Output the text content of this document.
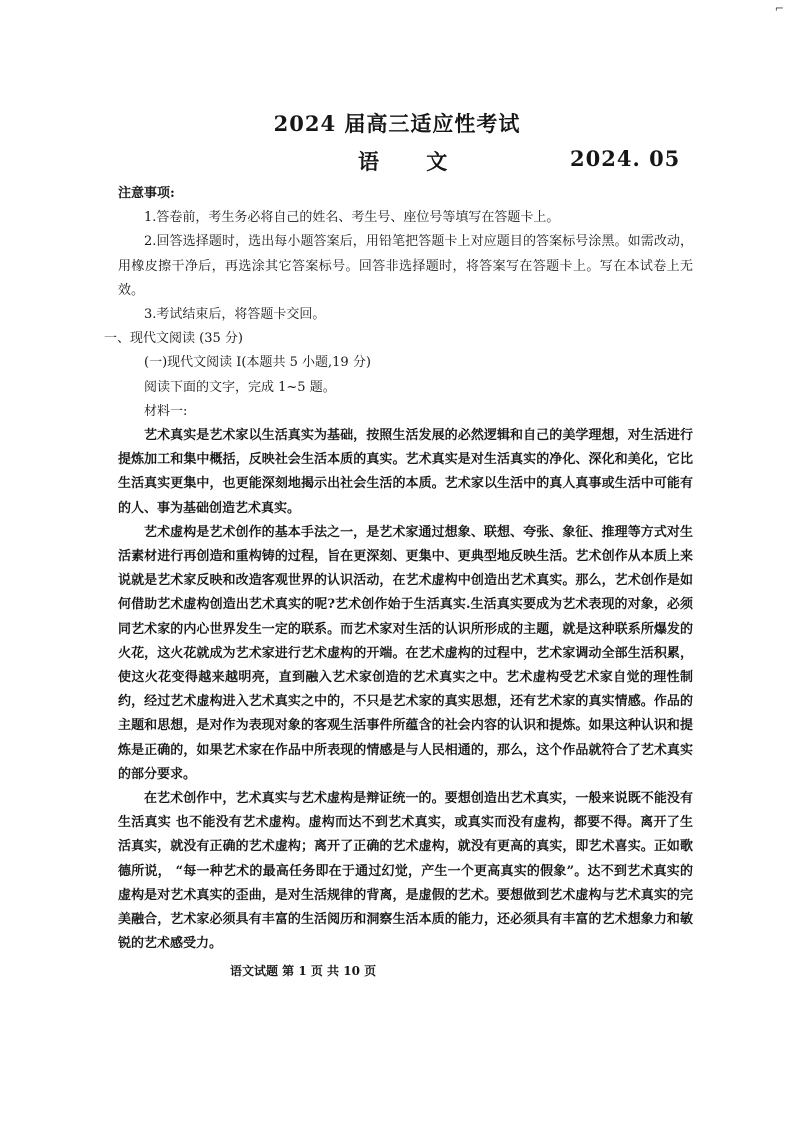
⌐
2024 届高三适应性考试
语 文	2024. 05

注意事项:

1.答卷前，考生务必将自己的姓名、考生号、座位号等填写在答题卡上。

2.回答选择题时，选出每小题答案后，用铅笔把答题卡上对应题目的答案标号涂黑。如需改动，用橡皮擦干净后，再选涂其它答案标号。回答非选择题时，将答案写在答题卡上。写在本试卷上无效。

3.考试结束后，将答题卡交回。

一、现代文阅读 (35 分)

(一)现代文阅读 I(本题共 5 小题,19 分)

阅读下面的文字，完成 1~5 题。

材料一:

艺术真实是艺术家以生活真实为基础，按照生活发展的必然逻辑和自己的美学理想，对生活进行提炼加工和集中概括，反映社会生活本质的真实。艺术真实是对生活真实的净化、深化和美化，它比生活真实更集中，也更能深刻地揭示出社会生活的本质。艺术家以生活中的真人真事或生活中可能有的人、事为基础创造艺术真实。

艺术虚构是艺术创作的基本手法之一，是艺术家通过想象、联想、夸张、象征、推理等方式对生活素材进行再创造和重构铸的过程，旨在更深刻、更集中、更典型地反映生活。艺术创作从本质上来说就是艺术家反映和改造客观世界的认识活动，在艺术虚构中创造出艺术真实。那么，艺术创作是如何借助艺术虚构创造出艺术真实的呢?艺术创作始于生活真实.生活真实要成为艺术表现的对象，必须同艺术家的内心世界发生一定的联系。而艺术家对生活的认识所形成的主题，就是这种联系所爆发的火花，这火花就成为艺术家进行艺术虚构的开端。在艺术虚构的过程中，艺术家调动全部生活积累，使这火花变得越来越明亮，直到融入艺术家创造的艺术真实之中。艺术虚构受艺术家自觉的理性制约，经过艺术虚构进入艺术真实之中的，不只是艺术家的真实思想，还有艺术家的真实情感。作品的主题和思想，是对作为表现对象的客观生活事件所蕴含的社会内容的认识和提炼。如果这种认识和提炼是正确的，如果艺术家在作品中所表现的情感是与人民相通的，那么，这个作品就符合了艺术真实的部分要求。

在艺术创作中，艺术真实与艺术虚构是辩证统一的。要想创造出艺术真实，一般来说既不能没有生活真实 也不能没有艺术虚构。虚构而达不到艺术真实，或真实而没有虚构，都要不得。离开了生活真实，就没有正确的艺术虚构；离开了正确的艺术虚构，就没有更高的真实，即艺术喜实。正如歌德所说， “每一种艺术的最高任务即在于通过幻觉，产生一个更高真实的假象”。达不到艺术真实的虚构是对艺术真实的歪曲，是对生活规律的背离，是虚假的艺术。要想做到艺术虚构与艺术真实的完美融合，艺术家必须具有丰富的生活阅历和洞察生活本质的能力，还必须具有丰富的艺术想象力和敏锐的艺术感受力。

语文试题 第 1 页 共 10 页
